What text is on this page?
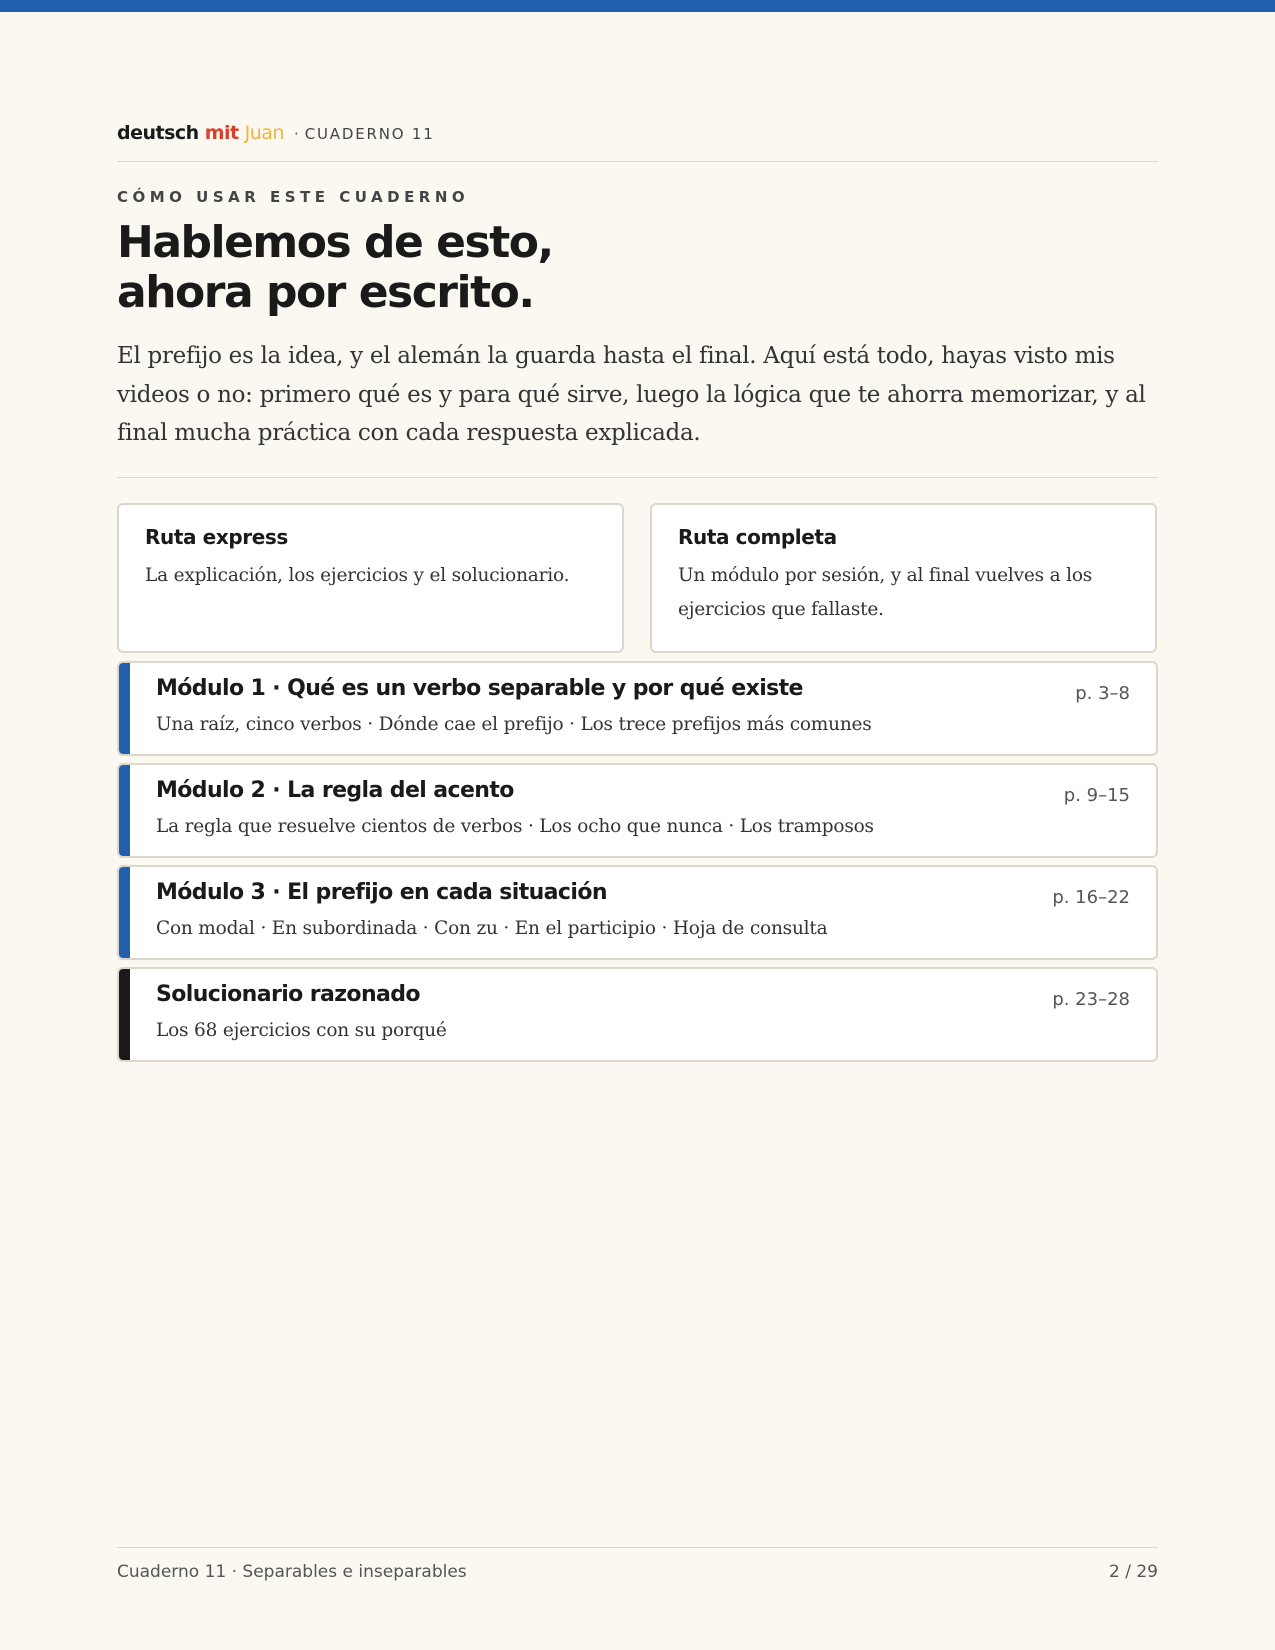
deutsch mit Juan · CUADERNO 11
CÓMO USAR ESTE CUADERNO
Hablemos de esto,
ahora por escrito.

El prefijo es la idea, y el alemán la guarda hasta el final. Aquí está todo, hayas visto mis videos o no: primero qué es y para qué sirve, luego la lógica que te ahorra memorizar, y al final mucha práctica con cada respuesta explicada.

Ruta express

La explicación, los ejercicios y el solucionario.

Ruta completa

Un módulo por sesión, y al final vuelves a los ejercicios que fallaste.

Módulo 1 · Qué es un verbo separable y por qué existe
Una raíz, cinco verbos · Dónde cae el prefijo · Los trece prefijos más comunes
p. 3–8
Módulo 2 · La regla del acento
La regla que resuelve cientos de verbos · Los ocho que nunca · Los tramposos
p. 9–15
Módulo 3 · El prefijo en cada situación
Con modal · En subordinada · Con zu · En el participio · Hoja de consulta
p. 16–22
Solucionario razonado
Los 68 ejercicios con su porqué
p. 23–28
Cuaderno 11 · Separables e inseparables	2 / 29
